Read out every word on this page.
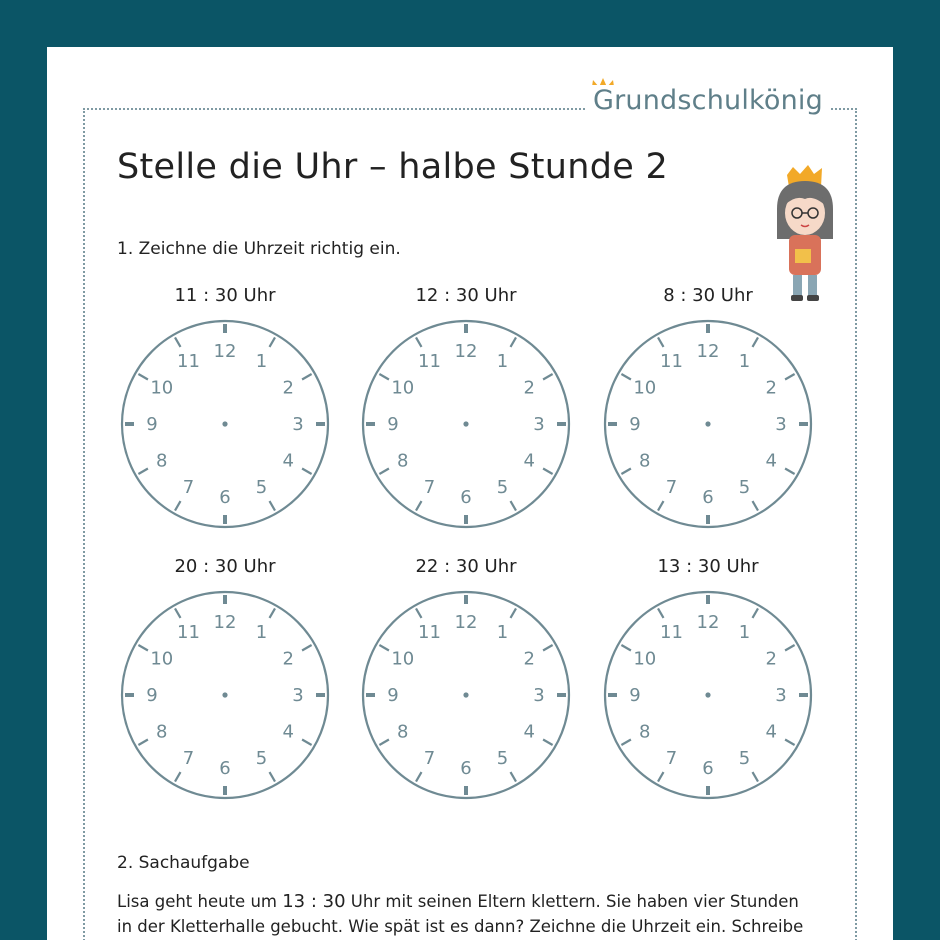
Grundschulkönig
Stelle die Uhr – halbe Stunde 2
1. Zeichne die Uhrzeit richtig ein.
11 : 30 Uhr
12 1
2
3
4
5
6
7
8
9
10
11
12 : 30 Uhr
12 1
2
3
4
5
6
7
8
9
10
11
8 : 30 Uhr
12 1
2
3
4
5
6
7
8
9
10
11
20 : 30 Uhr
12 1
2
3
4
5
6
7
8
9
10
11
22 : 30 Uhr
12 1
2
3
4
5
6
7
8
9
10
11
13 : 30 Uhr
12 1
2
3
4
5
6
7
8
9
10
11
2. Sachaufgabe
Lisa geht heute um 13 : 30 Uhr mit seinen Eltern klettern. Sie haben vier Stunden in der Kletterhalle gebucht. Wie spät ist es dann? Zeichne die Uhrzeit ein. Schreibe
